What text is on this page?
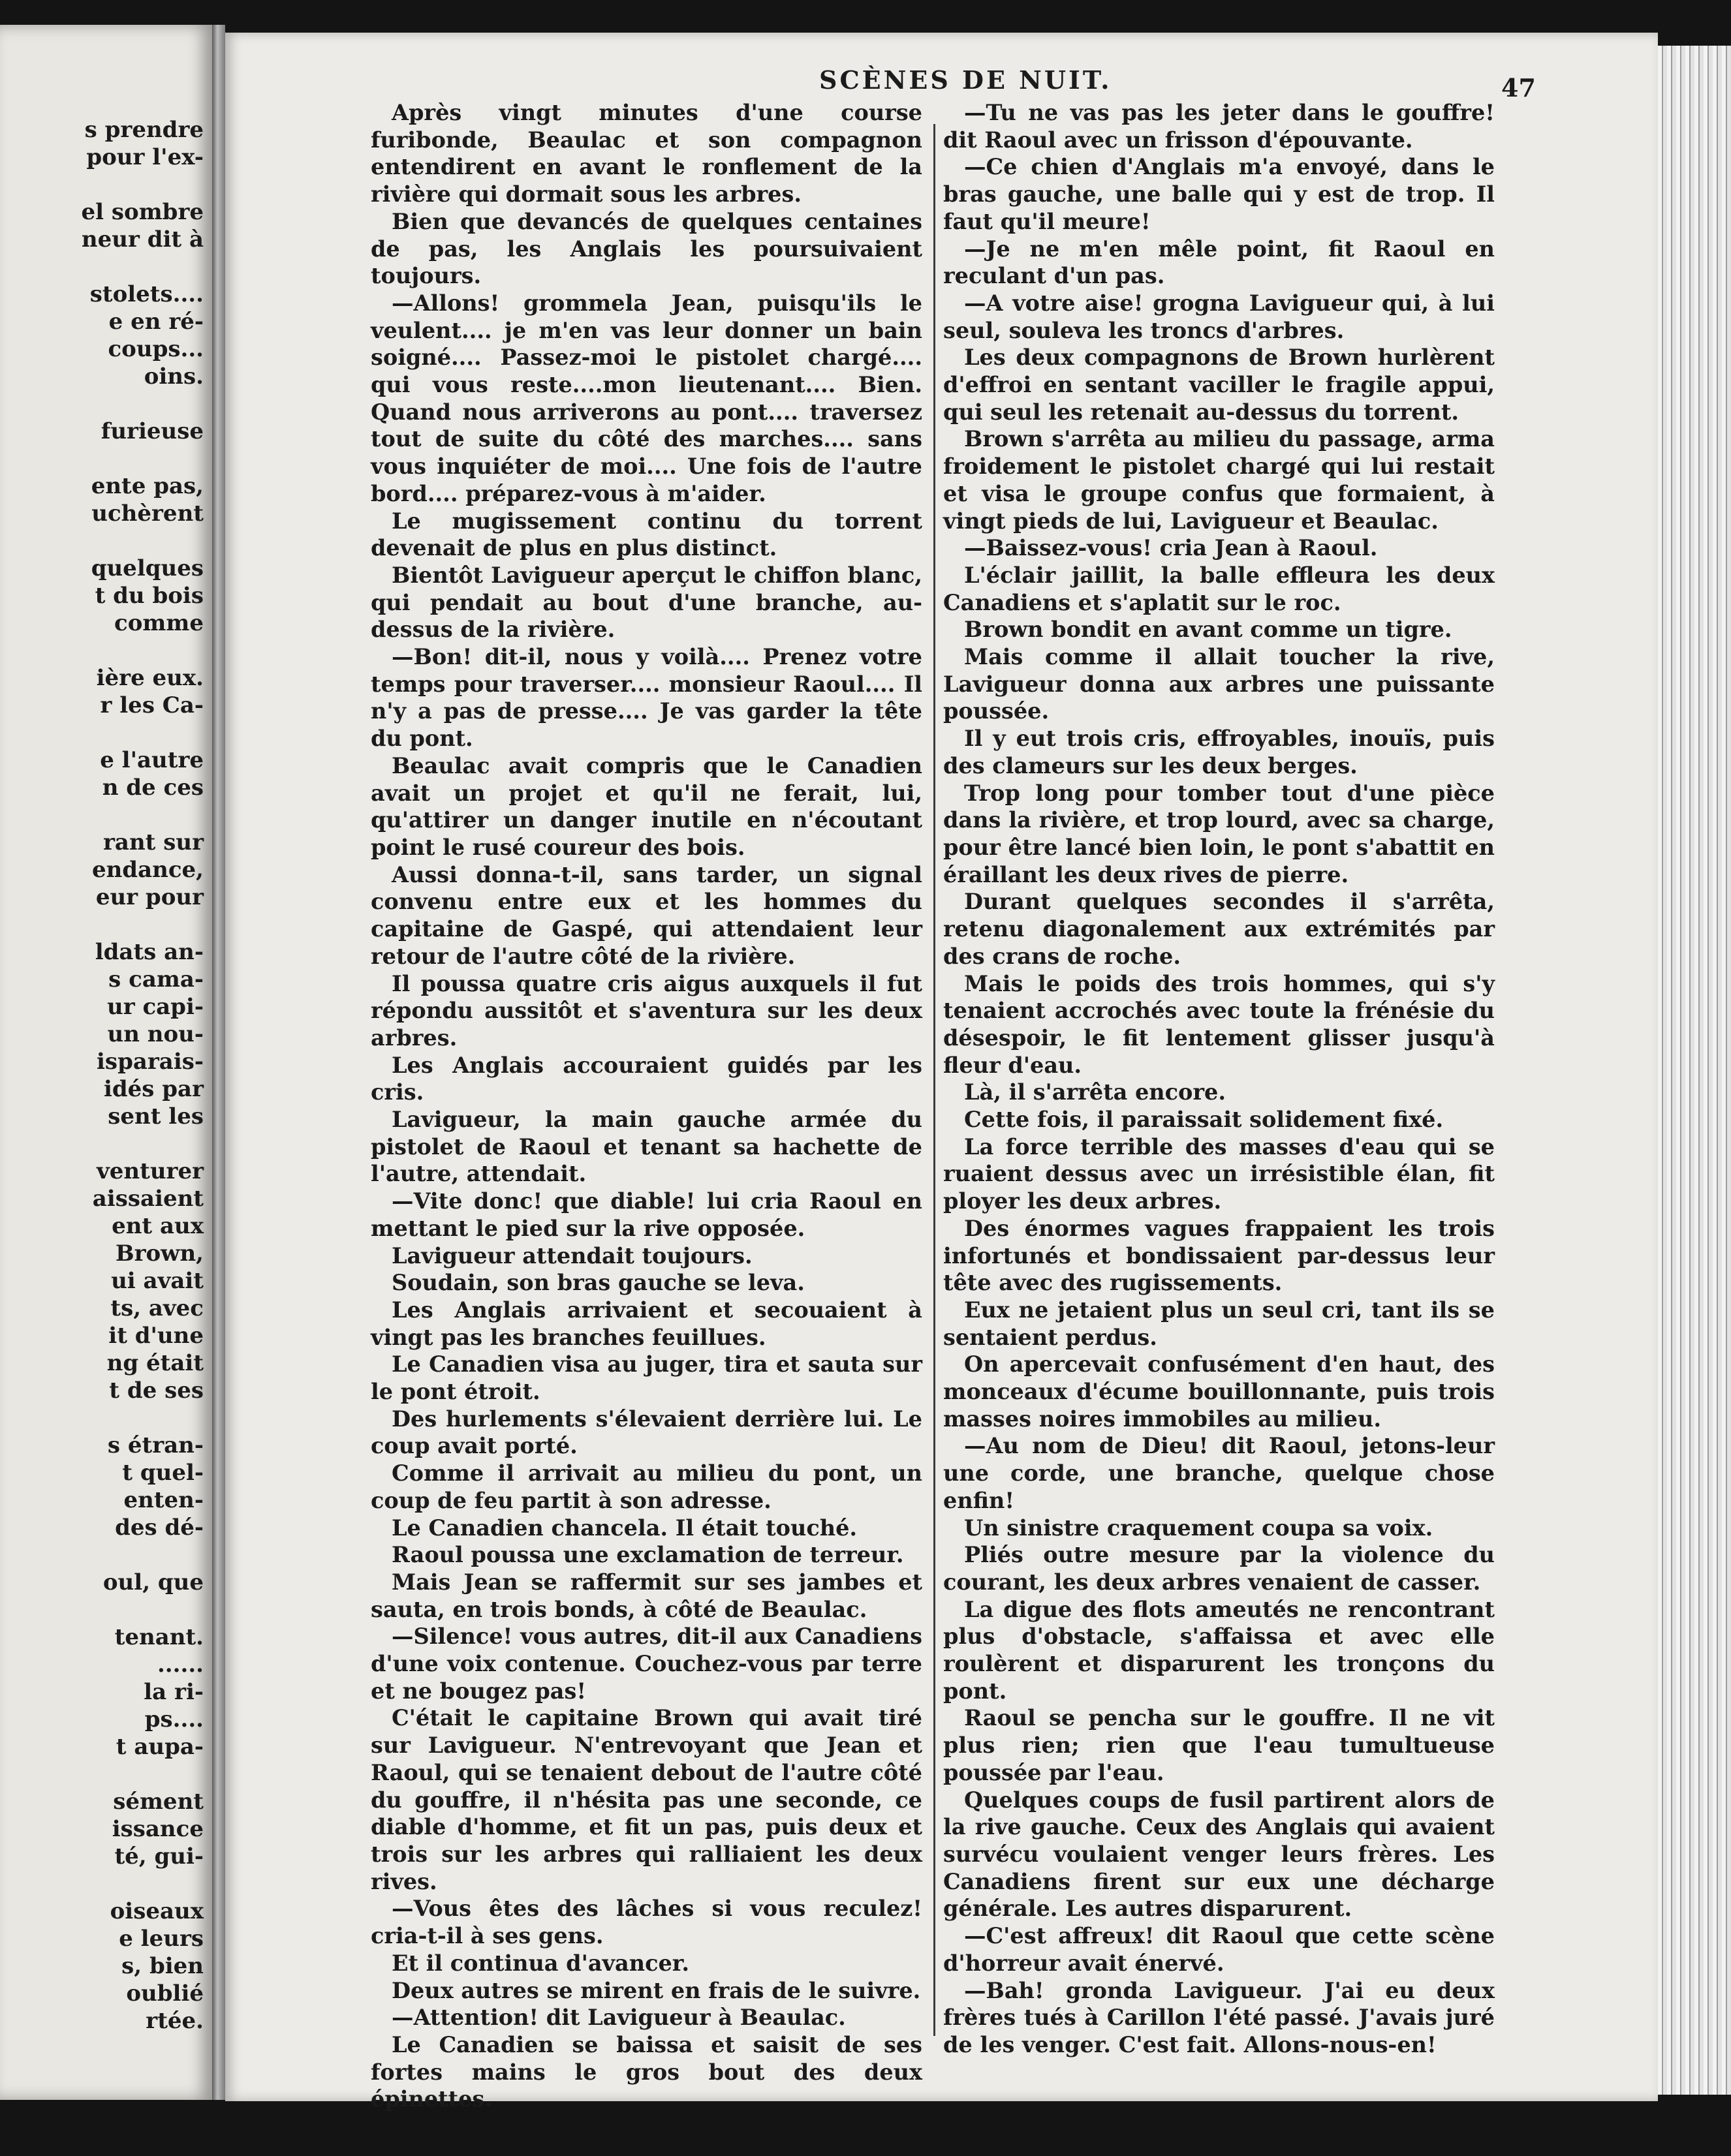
s prendre
pour l'ex-
el sombre
neur dit à
stolets....
e en ré-
coups...
oins.
furieuse
ente pas,
uchèrent
quelques
t du bois
comme
ière eux.
r les Ca-
e l'autre
n de ces
rant sur
endance,
eur pour
ldats an-
s cama-
ur capi-
un nou-
isparais-
idés par
sent les
venturer
aissaient
ent aux
Brown,
ui avait
ts, avec
it d'une
ng était
t de ses
s étran-
t quel-
enten-
des dé-
oul, que
tenant.
......
la ri-
ps....
t aupa-
sément
issance
té, gui-
oiseaux
e leurs
s, bien
oublié
rtée.
SCÈNES DE NUIT.	47

Après vingt minutes d'une course furibonde, Beaulac et son compagnon entendirent en avant le ronflement de la rivière qui dormait sous les arbres.

Bien que devancés de quelques centaines de pas, les Anglais les poursuivaient toujours.

—Allons! grommela Jean, puisqu'ils le veulent.... je m'en vas leur donner un bain soigné.... Passez-moi le pistolet chargé.... qui vous reste....mon lieutenant.... Bien. Quand nous arriverons au pont.... traversez tout de suite du côté des marches.... sans vous inquiéter de moi.... Une fois de l'autre bord.... préparez-vous à m'aider.

Le mugissement continu du torrent devenait de plus en plus distinct.

Bientôt Lavigueur aperçut le chiffon blanc, qui pendait au bout d'une branche, au-dessus de la rivière.

—Bon! dit-il, nous y voilà.... Prenez votre temps pour traverser.... monsieur Raoul.... Il n'y a pas de presse.... Je vas garder la tête du pont.

Beaulac avait compris que le Canadien avait un projet et qu'il ne ferait, lui, qu'attirer un danger inutile en n'écoutant point le rusé coureur des bois.

Aussi donna-t-il, sans tarder, un signal convenu entre eux et les hommes du capitaine de Gaspé, qui attendaient leur retour de l'autre côté de la rivière.

Il poussa quatre cris aigus auxquels il fut répondu aussitôt et s'aventura sur les deux arbres.

Les Anglais accouraient guidés par les cris.

Lavigueur, la main gauche armée du pistolet de Raoul et tenant sa hachette de l'autre, attendait.

—Vite donc! que diable! lui cria Raoul en mettant le pied sur la rive opposée.

Lavigueur attendait toujours.

Soudain, son bras gauche se leva.

Les Anglais arrivaient et secouaient à vingt pas les branches feuillues.

Le Canadien visa au juger, tira et sauta sur le pont étroit.

Des hurlements s'élevaient derrière lui. Le coup avait porté.

Comme il arrivait au milieu du pont, un coup de feu partit à son adresse.

Le Canadien chancela. Il était touché.

Raoul poussa une exclamation de terreur.

Mais Jean se raffermit sur ses jambes et sauta, en trois bonds, à côté de Beaulac.

—Silence! vous autres, dit-il aux Canadiens d'une voix contenue. Couchez-vous par terre et ne bougez pas!

C'était le capitaine Brown qui avait tiré sur Lavigueur. N'entrevoyant que Jean et Raoul, qui se tenaient debout de l'autre côté du gouffre, il n'hésita pas une seconde, ce diable d'homme, et fit un pas, puis deux et trois sur les arbres qui ralliaient les deux rives.

—Vous êtes des lâches si vous reculez! cria-t-il à ses gens.

Et il continua d'avancer.

Deux autres se mirent en frais de le suivre.

—Attention! dit Lavigueur à Beaulac.

Le Canadien se baissa et saisit de ses fortes mains le gros bout des deux épinettes.

—Tu ne vas pas les jeter dans le gouffre! dit Raoul avec un frisson d'épouvante.

—Ce chien d'Anglais m'a envoyé, dans le bras gauche, une balle qui y est de trop. Il faut qu'il meure!

—Je ne m'en mêle point, fit Raoul en reculant d'un pas.

—A votre aise! grogna Lavigueur qui, à lui seul, souleva les troncs d'arbres.

Les deux compagnons de Brown hurlèrent d'effroi en sentant vaciller le fragile appui, qui seul les retenait au-dessus du torrent.

Brown s'arrêta au milieu du passage, arma froidement le pistolet chargé qui lui restait et visa le groupe confus que formaient, à vingt pieds de lui, Lavigueur et Beaulac.

—Baissez-vous! cria Jean à Raoul.

L'éclair jaillit, la balle effleura les deux Canadiens et s'aplatit sur le roc.

Brown bondit en avant comme un tigre.

Mais comme il allait toucher la rive, Lavigueur donna aux arbres une puissante poussée.

Il y eut trois cris, effroyables, inouïs, puis des clameurs sur les deux berges.

Trop long pour tomber tout d'une pièce dans la rivière, et trop lourd, avec sa charge, pour être lancé bien loin, le pont s'abattit en éraillant les deux rives de pierre.

Durant quelques secondes il s'arrêta, retenu diagonalement aux extrémités par des crans de roche.

Mais le poids des trois hommes, qui s'y tenaient accrochés avec toute la frénésie du désespoir, le fit lentement glisser jusqu'à fleur d'eau.

Là, il s'arrêta encore.

Cette fois, il paraissait solidement fixé.

La force terrible des masses d'eau qui se ruaient dessus avec un irrésistible élan, fit ployer les deux arbres.

Des énormes vagues frappaient les trois infortunés et bondissaient par-dessus leur tête avec des rugissements.

Eux ne jetaient plus un seul cri, tant ils se sentaient perdus.

On apercevait confusément d'en haut, des monceaux d'écume bouillonnante, puis trois masses noires immobiles au milieu.

—Au nom de Dieu! dit Raoul, jetons-leur une corde, une branche, quelque chose enfin!

Un sinistre craquement coupa sa voix.

Pliés outre mesure par la violence du courant, les deux arbres venaient de casser.

La digue des flots ameutés ne rencontrant plus d'obstacle, s'affaissa et avec elle roulèrent et disparurent les tronçons du pont.

Raoul se pencha sur le gouffre. Il ne vit plus rien; rien que l'eau tumultueuse poussée par l'eau.

Quelques coups de fusil partirent alors de la rive gauche. Ceux des Anglais qui avaient survécu voulaient venger leurs frères. Les Canadiens firent sur eux une décharge générale. Les autres disparurent.

—C'est affreux! dit Raoul que cette scène d'horreur avait énervé.

—Bah! gronda Lavigueur. J'ai eu deux frères tués à Carillon l'été passé. J'avais juré de les venger. C'est fait. Allons-nous-en!
